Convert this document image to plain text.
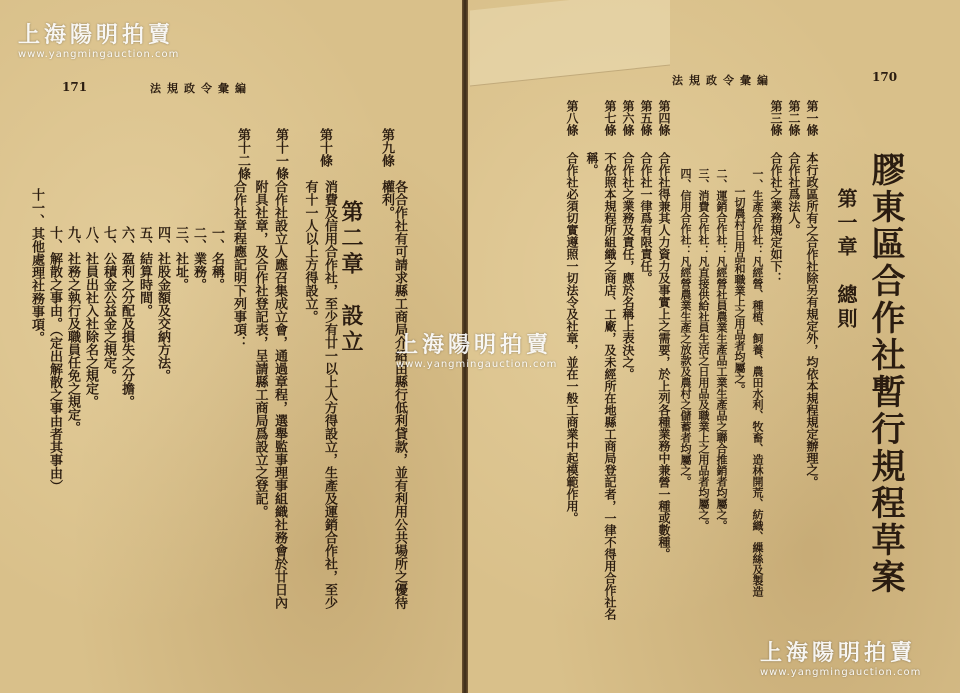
171	法規政令彙編
第九條
各合作社有可請求縣工商局介紹由縣行低利貸款，並有利用公共場所之優待權利。
第二章　設立
第十條
消費及信用合作社，至少有廿一以上人方得設立，生產及運銷合作社，至少有十一人以上方得設立。
第十一條
合作社設立人應召集成立會，通過章程，選舉監事理事組織社務會於廿日內附具社章，及合作社登記表，呈請縣工商局爲設立之登記。
第十二條
合作社章程應記明下列事項：
一、名稱。
二、業務。
三、社址。
四、社股金額及交納方法。
五、結算時間。
六、盈利之分配及損失之分擔。
七、公積金公益金之規定。
八、社員出社入社除名之規定。
九、社務之執行及職員任免之規定。
十、解散之事由。（定出解散之事由者其事由）
十一、其他處理社務事項。
法規政令彙編	170
膠東區合作社暫行規程草案
第一章　總則
第一條
本行政區所有之合作社除另有規定外，均依本規程規定辦理之。
第二條
合作社爲法人。
第三條
合作社之業務規定如下：
一、生產合作社：凡經營、種植、飼養、農田水利、牧畜、造林開荒、紡織、繅絲及製造
一切農村日用品和職業上之用品者均屬之。
二、運銷合作社：凡經營社員農業生產品工業生產品之聯合推銷者均屬之。
三、消費合作社：凡直接供給社員生活之日用品及職業上之用品者均屬之。
四、信用合作社：凡經營農業生產之放款及農村之儲蓄者均屬之。
第四條
合作社得兼其人力資力及事實上之需要，於上列各種業務中兼營一種或數種。
第五條
合作社一律爲有限責任。
第六條
合作社之業務及責任，應於名稱上表決之。
第七條
不依照本規程所組織之商店、工廠，及未經所在地縣工商局登記者，一律不得用合作社名
稱。
第八條
合作社必須切實遵照一切法令及社章，並在一般工商業中起模範作用。
上海陽明拍賣
www.yangmingauction.com
上海陽明拍賣
www.yangmingauction.com
上海陽明拍賣
www.yangmingauction.com
